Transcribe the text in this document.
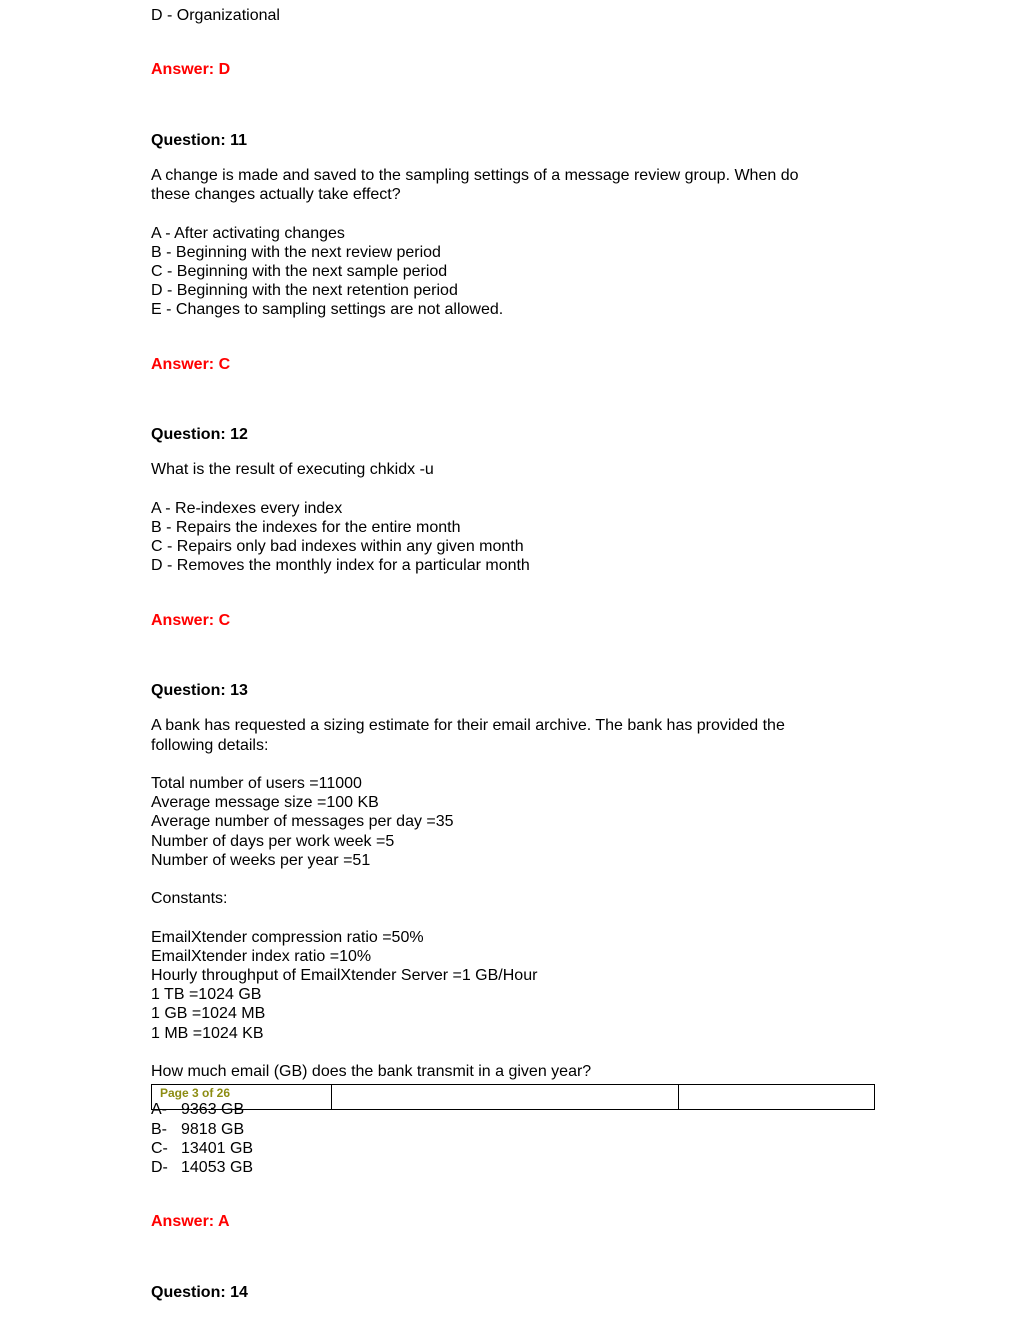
D - Organizational

Answer: D

Question: 11

A change is made and saved to the sampling settings of a message review group. When do

these changes actually take effect?

A - After activating changes

B - Beginning with the next review period

C - Beginning with the next sample period

D - Beginning with the next retention period

E - Changes to sampling settings are not allowed.

Answer: C

Question: 12

What is the result of executing chkidx -u

A - Re-indexes every index

B - Repairs the indexes for the entire month

C - Repairs only bad indexes within any given month

D - Removes the monthly index for a particular month

Answer: C

Question: 13

A bank has requested a sizing estimate for their email archive. The bank has provided the

following details:

Total number of users =11000

Average message size =100 KB

Average number of messages per day =35

Number of days per work week =5

Number of weeks per year =51

Constants:

EmailXtender compression ratio =50%

EmailXtender index ratio =10%

Hourly throughput of EmailXtender Server =1 GB/Hour

1 TB =1024 GB

1 GB =1024 MB

1 MB =1024 KB

How much email (GB) does the bank transmit in a given year?

A- 9363 GB
B- 9818 GB
C- 13401 GB
D- 14053 GB

Answer: A

Question: 14

Page 3 of 26
